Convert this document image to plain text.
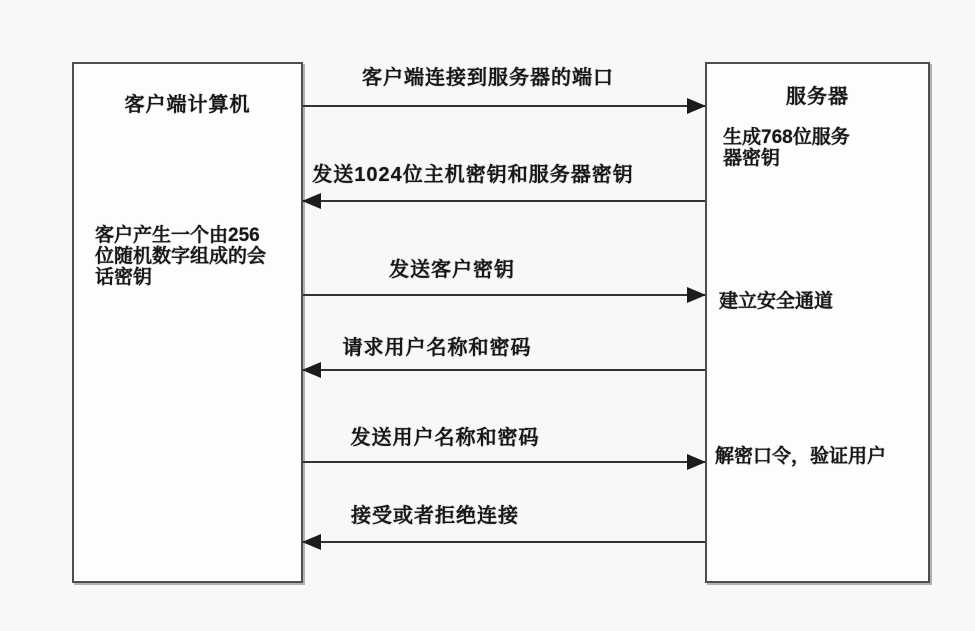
客户端计算机
客户产生一个由256位随机数字组成的会话密钥
服务器
生成768位服务器密钥
建立安全通道
解密口令，验证用户
客户端连接到服务器的端口
发送1024位主机密钥和服务器密钥
发送客户密钥
请求用户名称和密码
发送用户名称和密码
接受或者拒绝连接
